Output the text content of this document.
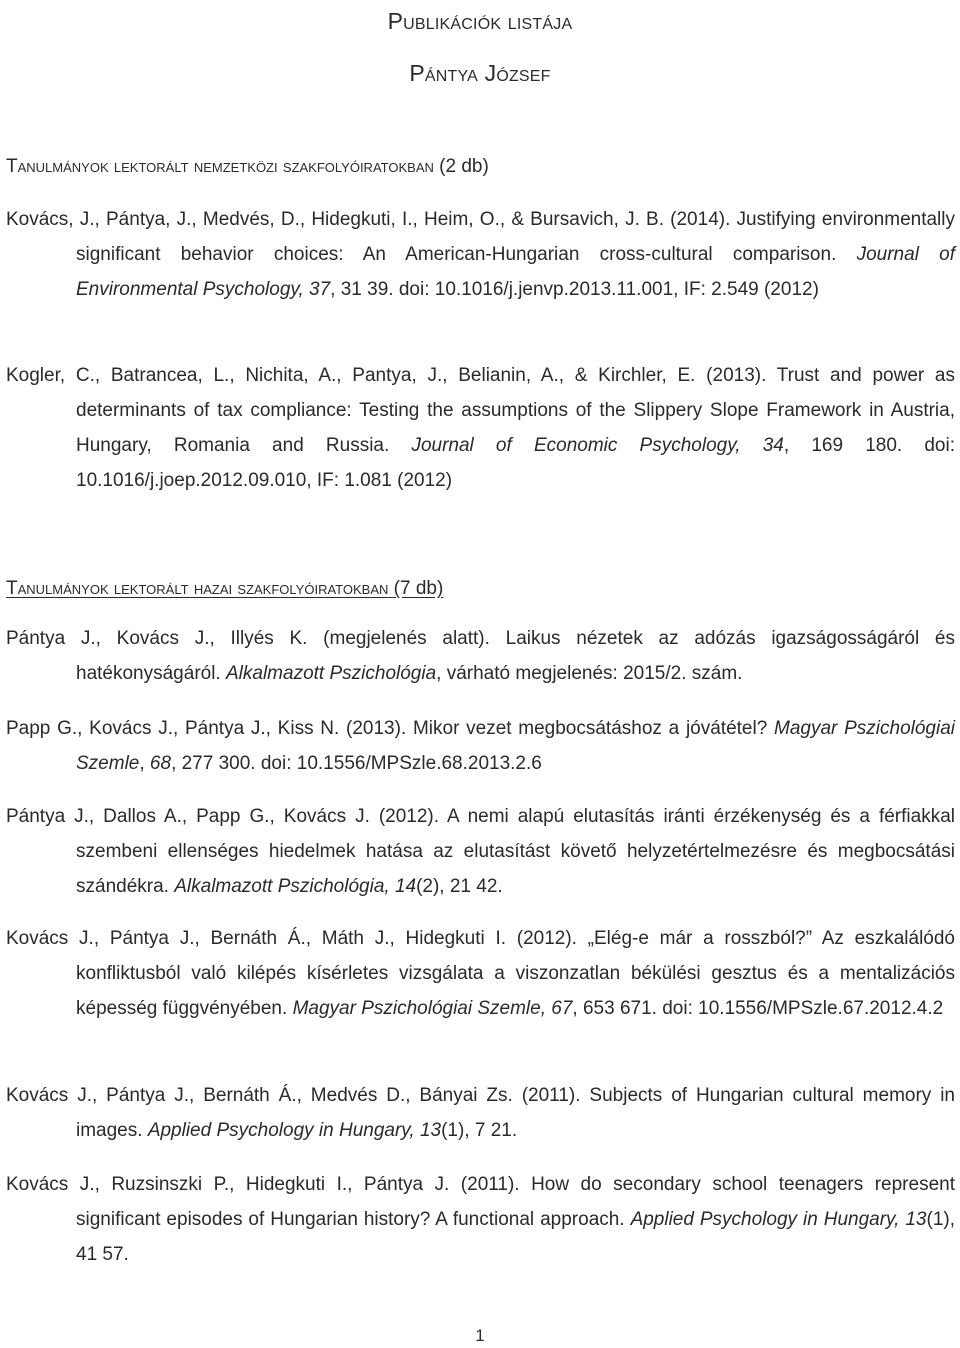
Publikációk listája
Pántya József
Tanulmányok lektorált nemzetközi szakfolyóiratokban (2 db)
Kovács, J., Pántya, J., Medvés, D., Hidegkuti, I., Heim, O., & Bursavich, J. B. (2014). Justifying environmentally significant behavior choices: An American-Hungarian cross-cultural comparison. Journal of Environmental Psychology, 37, 31 39. doi: 10.1016/j.jenvp.2013.11.001, IF: 2.549 (2012)
Kogler, C., Batrancea, L., Nichita, A., Pantya, J., Belianin, A., & Kirchler, E. (2013). Trust and power as determinants of tax compliance: Testing the assumptions of the Slippery Slope Framework in Austria, Hungary, Romania and Russia. Journal of Economic Psychology, 34, 169 180. doi: 10.1016/j.joep.2012.09.010, IF: 1.081 (2012)
Tanulmányok lektorált hazai szakfolyóiratokban (7 db)
Pántya J., Kovács J., Illyés K. (megjelenés alatt). Laikus nézetek az adózás igazságosságáról és hatékonyságáról. Alkalmazott Pszichológia, várható megjelenés: 2015/2. szám.
Papp G., Kovács J., Pántya J., Kiss N. (2013). Mikor vezet megbocsátáshoz a jóvátétel? Magyar Pszichológiai Szemle, 68, 277 300. doi: 10.1556/MPSzle.68.2013.2.6
Pántya J., Dallos A., Papp G., Kovács J. (2012). A nemi alapú elutasítás iránti érzékenység és a férfiakkal szembeni ellenséges hiedelmek hatása az elutasítást követő helyzetértelmezésre és megbocsátási szándékra. Alkalmazott Pszichológia, 14(2), 21 42.
Kovács J., Pántya J., Bernáth Á., Máth J., Hidegkuti I. (2012). „Elég-e már a rosszból?” Az eszkalálódó konfliktusból való kilépés kísérletes vizsgálata a viszonzatlan békülési gesztus és a mentalizációs képesség függvényében. Magyar Pszichológiai Szemle, 67, 653 671. doi: 10.1556/MPSzle.67.2012.4.2
Kovács J., Pántya J., Bernáth Á., Medvés D., Bányai Zs. (2011). Subjects of Hungarian cultural memory in images. Applied Psychology in Hungary, 13(1), 7 21.
Kovács J., Ruzsinszki P., Hidegkuti I., Pántya J. (2011). How do secondary school teenagers represent significant episodes of Hungarian history? A functional approach. Applied Psychology in Hungary, 13(1), 41 57.
1
